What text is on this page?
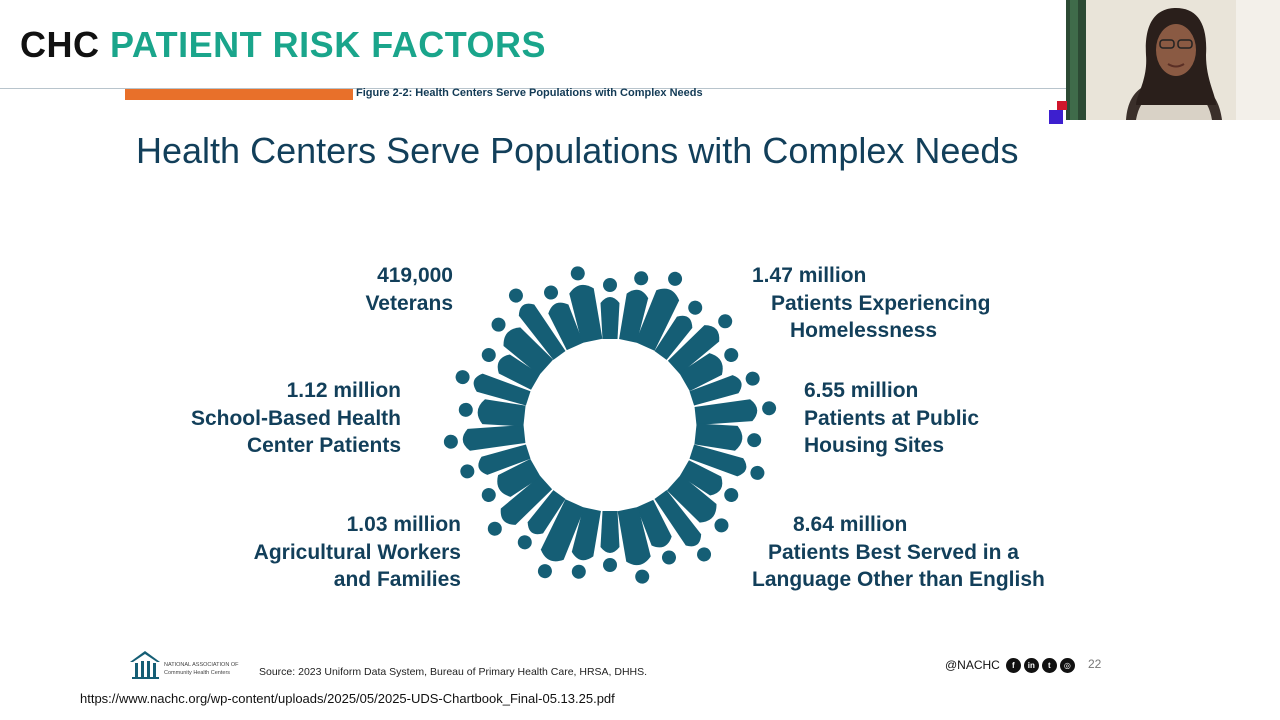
CHC PATIENT RISK FACTORS
Figure 2-2: Health Centers Serve Populations with Complex Needs
Health Centers Serve Populations with Complex Needs
419,000
Veterans
1.12 million
School-Based Health
Center Patients
1.03 million
Agricultural Workers
and Families
1.47 million
Patients Experiencing
Homelessness
6.55 million
Patients at Public
Housing Sites
8.64 million
Patients Best Served in a
Language Other than English
NATIONAL ASSOCIATION OF
Community Health Centers	Source: 2023 Uniform Data System, Bureau of Primary Health Care, HRSA, DHHS.	@NACHC	f	in	t	◎	22
https://www.nachc.org/wp-content/uploads/2025/05/2025-UDS-Chartbook_Final-05.13.25.pdf
